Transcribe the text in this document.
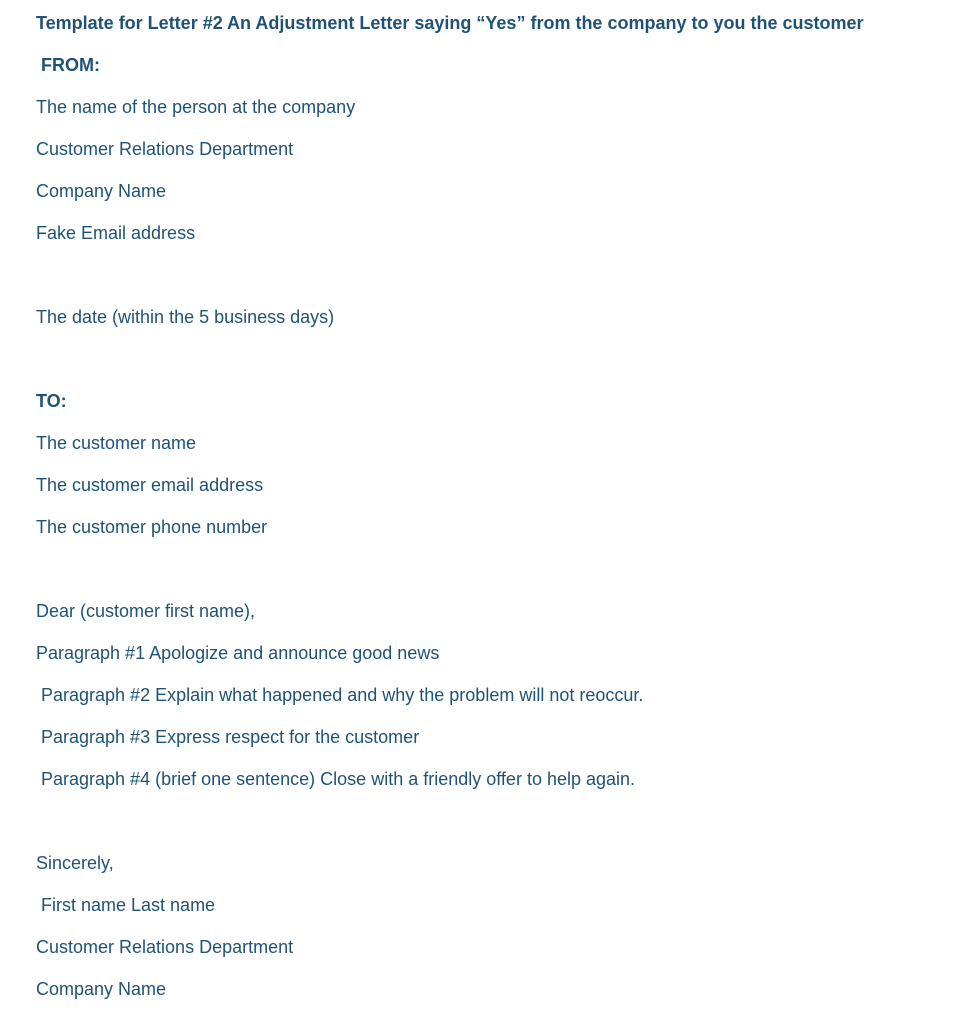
Template for Letter #2 An Adjustment Letter saying “Yes” from the company to you the customer
FROM:
The name of the person at the company
Customer Relations Department
Company Name
Fake Email address
The date (within the 5 business days)
TO:
The customer name
The customer email address
The customer phone number
Dear (customer first name),
Paragraph #1 Apologize and announce good news
Paragraph #2 Explain what happened and why the problem will not reoccur.
Paragraph #3 Express respect for the customer
Paragraph #4 (brief one sentence) Close with a friendly offer to help again.
Sincerely,
First name Last name
Customer Relations Department
Company Name
